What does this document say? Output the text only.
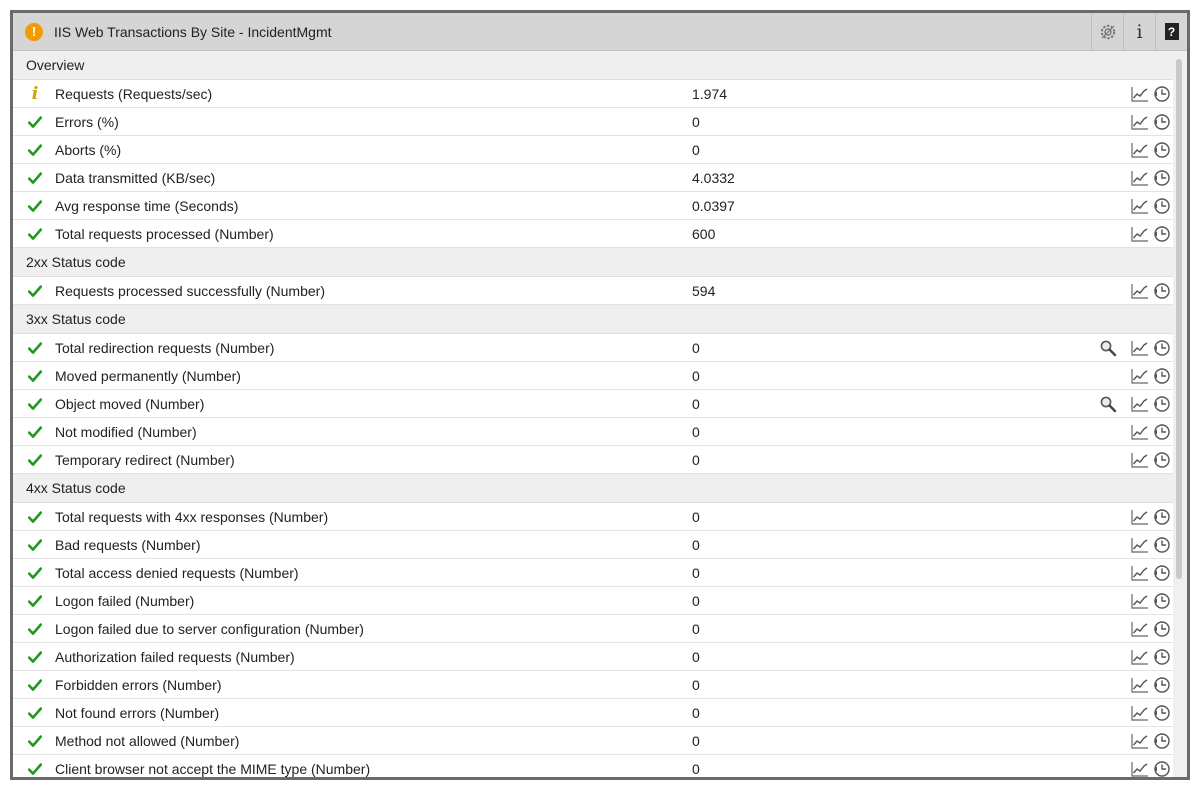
!	IIS Web Transactions By Site - IncidentMgmt	i ?
Overview
i Requests (Requests/sec)	1.974
Errors (%)	0
Aborts (%)	0
Data transmitted (KB/sec)	4.0332
Avg response time (Seconds)	0.0397
Total requests processed (Number)	600
2xx Status code
Requests processed successfully (Number)	594
3xx Status code
Total redirection requests (Number)	0
Moved permanently (Number)	0
Object moved (Number)	0
Not modified (Number)	0
Temporary redirect (Number)	0
4xx Status code
Total requests with 4xx responses (Number)	0
Bad requests (Number)	0
Total access denied requests (Number)	0
Logon failed (Number)	0
Logon failed due to server configuration (Number)	0
Authorization failed requests (Number)	0
Forbidden errors (Number)	0
Not found errors (Number)	0
Method not allowed (Number)	0
Client browser not accept the MIME type (Number)	0
